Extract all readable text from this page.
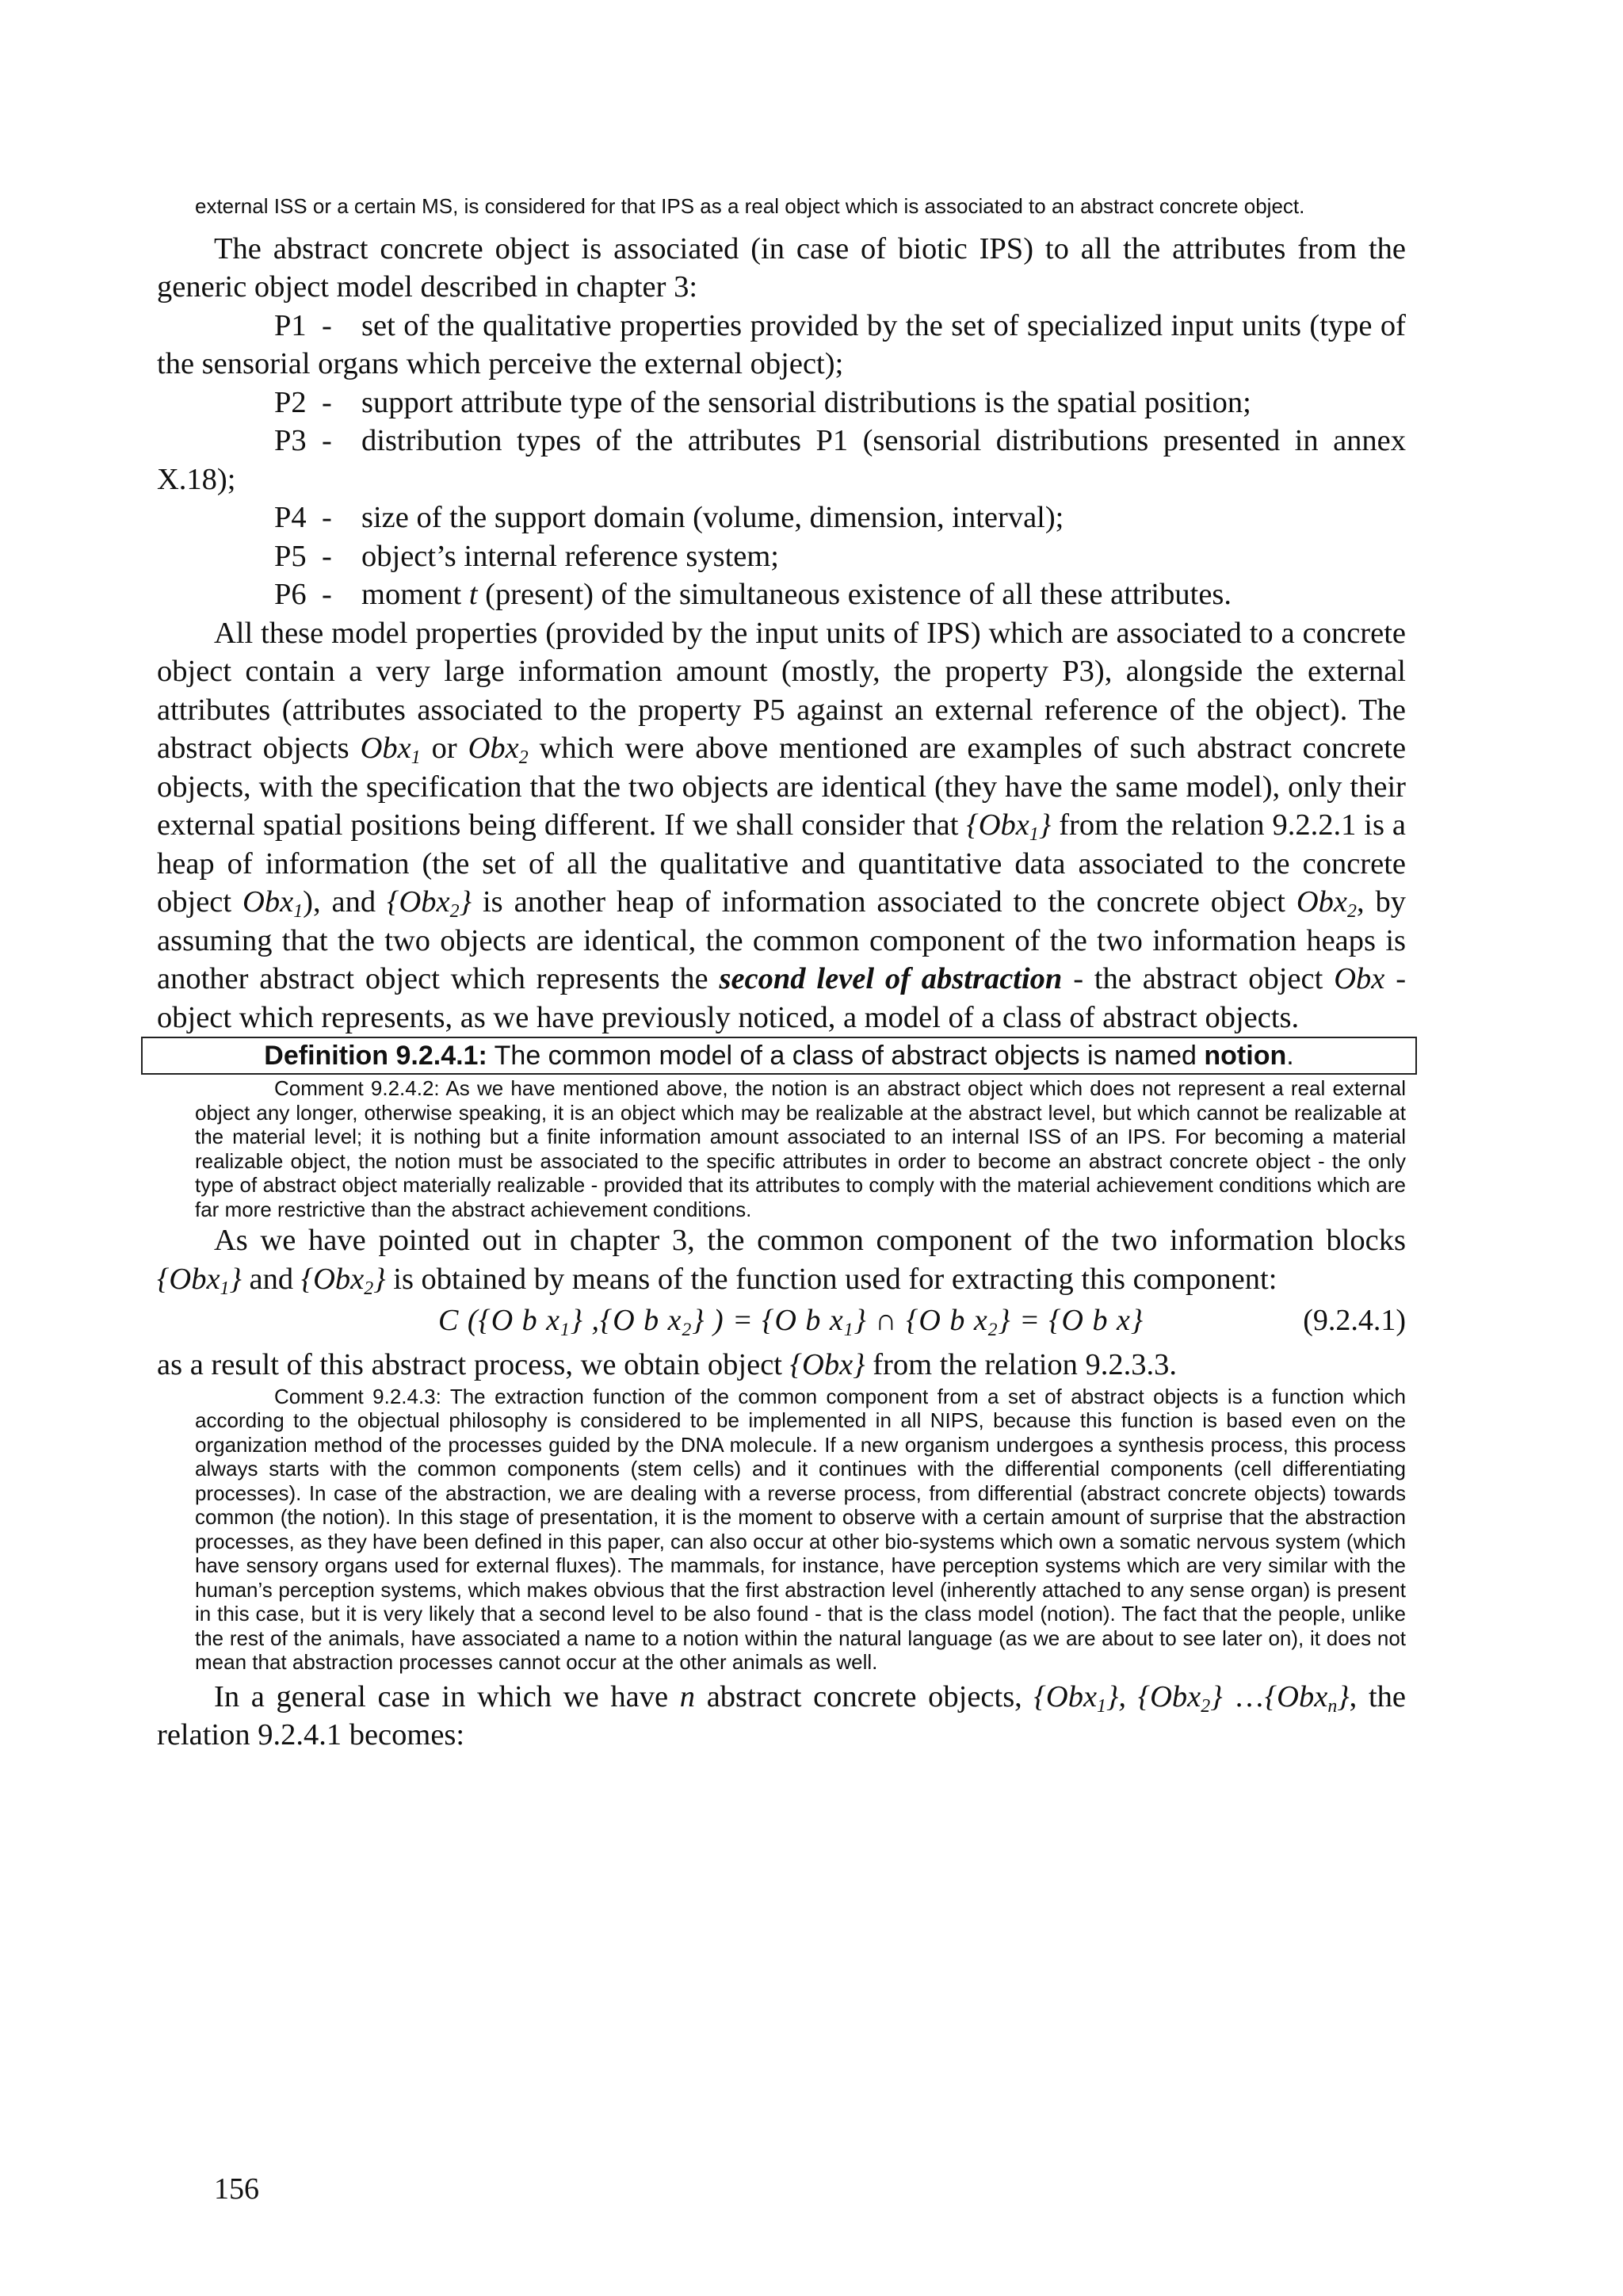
external ISS or a certain MS, is considered for that IPS as a real object which is associated to an abstract concrete object.

The abstract concrete object is associated (in case of biotic IPS) to all the attributes from the generic object model described in chapter 3:

P1 - set of the qualitative properties provided by the set of specialized input units (type of the sensorial organs which perceive the external object);
P2 - support attribute type of the sensorial distributions is the spatial position;
P3 - distribution types of the attributes P1 (sensorial distributions presented in annex X.18);
P4 - size of the support domain (volume, dimension, interval);
P5 - object’s internal reference system;
P6 - moment t (present) of the simultaneous existence of all these attributes.

All these model properties (provided by the input units of IPS) which are associated to a concrete object contain a very large information amount (mostly, the property P3), alongside the external attributes (attributes associated to the property P5 against an external reference of the object). The abstract objects Obx$_1$ or Obx$_2$ which were above mentioned are examples of such abstract concrete objects, with the specification that the two objects are identical (they have the same model), only their external spatial positions being different. If we shall consider that {Obx$_1$} from the relation 9.2.2.1 is a heap of information (the set of all the qualitative and quantitative data associated to the concrete object Obx$_1$), and {Obx$_2$} is another heap of information associated to the concrete object Obx$_2$, by assuming that the two objects are identical, the common component of the two information heaps is another abstract object which represents the second level of abstraction - the abstract object Obx - object which represents, as we have previously noticed, a model of a class of abstract objects.

Definition 9.2.4.1: The common model of a class of abstract objects is named notion.

Comment 9.2.4.2: As we have mentioned above, the notion is an abstract object which does not represent a real external object any longer, otherwise speaking, it is an object which may be realizable at the abstract level, but which cannot be realizable at the material level; it is nothing but a finite information amount associated to an internal ISS of an IPS. For becoming a material realizable object, the notion must be associated to the specific attributes in order to become an abstract concrete object - the only type of abstract object materially realizable - provided that its attributes to comply with the material achievement conditions which are far more restrictive than the abstract achievement conditions.

As we have pointed out in chapter 3, the common component of the two information blocks {Obx$_1$} and {Obx$_2$} is obtained by means of the function used for extracting this component:

C ({O b $x_1$} ,{O b $x_2$} ) = {O b $x_1$} ∩ {O b $x_2\} = \{O$ b x}	(9.2.4.1)

as a result of this abstract process, we obtain object {Obx} from the relation 9.2.3.3.

Comment 9.2.4.3: The extraction function of the common component from a set of abstract objects is a function which according to the objectual philosophy is considered to be implemented in all NIPS, because this function is based even on the organization method of the processes guided by the DNA molecule. If a new organism undergoes a synthesis process, this process always starts with the common components (stem cells) and it continues with the differential components (cell differentiating processes). In case of the abstraction, we are dealing with a reverse process, from differential (abstract concrete objects) towards common (the notion). In this stage of presentation, it is the moment to observe with a certain amount of surprise that the abstraction processes, as they have been defined in this paper, can also occur at other bio-systems which own a somatic nervous system (which have sensory organs used for external fluxes). The mammals, for instance, have perception systems which are very similar with the human’s perception systems, which makes obvious that the first abstraction level (inherently attached to any sense organ) is present in this case, but it is very likely that a second level to be also found - that is the class model (notion). The fact that the people, unlike the rest of the animals, have associated a name to a notion within the natural language (as we are about to see later on), it does not mean that abstraction processes cannot occur at the other animals as well.

In a general case in which we have n abstract concrete objects, {Obx$_1$}, {Obx$_2$} …{Obx$_n$}, the relation 9.2.4.1 becomes:

156
